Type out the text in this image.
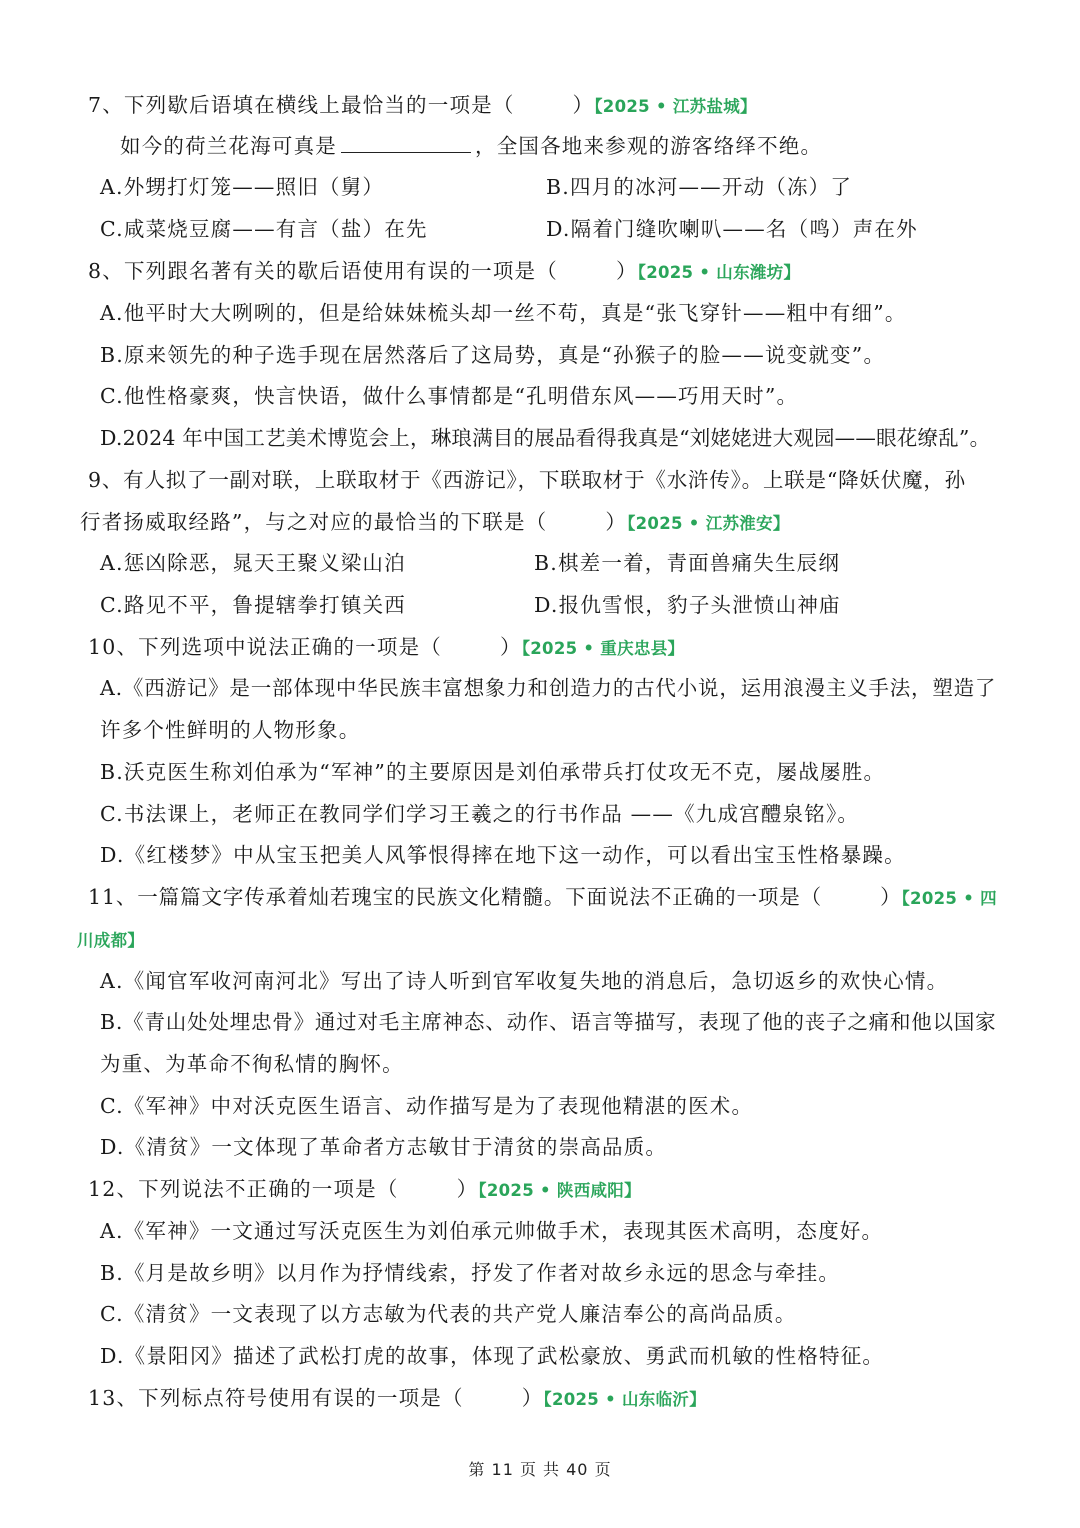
7、下列歇后语填在横线上最恰当的一项是（	）【2025 • 江苏盐城】
如今的荷兰花海可真是	，全国各地来参观的游客络绎不绝。
A.外甥打灯笼——照旧（舅）	B.四月的冰河——开动（冻）了
C.咸菜烧豆腐——有言（盐）在先	D.隔着门缝吹喇叭——名（鸣）声在外
8、下列跟名著有关的歇后语使用有误的一项是（	）【2025 • 山东潍坊】
A.他平时大大咧咧的，但是给妹妹梳头却一丝不苟，真是“张飞穿针——粗中有细”。
B.原来领先的种子选手现在居然落后了这局势，真是“孙猴子的脸——说变就变”。
C.他性格豪爽，快言快语，做什么事情都是“孔明借东风——巧用天时”。
D.2024 年中国工艺美术博览会上，琳琅满目的展品看得我真是“刘姥姥进大观园——眼花缭乱”。
9、有人拟了一副对联，上联取材于《西游记》，下联取材于《水浒传》。上联是“降妖伏魔，孙
行者扬威取经路”，与之对应的最恰当的下联是（	）【2025 • 江苏淮安】
A.惩凶除恶，晁天王聚义梁山泊	B.棋差一着，青面兽痛失生辰纲
C.路见不平，鲁提辖拳打镇关西	D.报仇雪恨，豹子头泄愤山神庙
10、下列选项中说法正确的一项是（	）【2025 • 重庆忠县】
A.《西游记》是一部体现中华民族丰富想象力和创造力的古代小说，运用浪漫主义手法，塑造了
许多个性鲜明的人物形象。
B.沃克医生称刘伯承为“军神”的主要原因是刘伯承带兵打仗攻无不克，屡战屡胜。
C.书法课上，老师正在教同学们学习王羲之的行书作品 ——《九成宫醴泉铭》。
D.《红楼梦》中从宝玉把美人风筝恨得摔在地下这一动作，可以看出宝玉性格暴躁。
11、一篇篇文字传承着灿若瑰宝的民族文化精髓。下面说法不正确的一项是（	）【2025 • 四
川成都】
A.《闻官军收河南河北》写出了诗人听到官军收复失地的消息后，急切返乡的欢快心情。
B.《青山处处埋忠骨》通过对毛主席神态、动作、语言等描写，表现了他的丧子之痛和他以国家
为重、为革命不徇私情的胸怀。
C.《军神》中对沃克医生语言、动作描写是为了表现他精湛的医术。
D.《清贫》一文体现了革命者方志敏甘于清贫的崇高品质。
12、下列说法不正确的一项是（	）【2025 • 陕西咸阳】
A.《军神》一文通过写沃克医生为刘伯承元帅做手术，表现其医术高明，态度好。
B.《月是故乡明》以月作为抒情线索，抒发了作者对故乡永远的思念与牵挂。
C.《清贫》一文表现了以方志敏为代表的共产党人廉洁奉公的高尚品质。
D.《景阳冈》描述了武松打虎的故事，体现了武松豪放、勇武而机敏的性格特征。
13、下列标点符号使用有误的一项是（	）【2025 • 山东临沂】
第 11 页 共 40 页
